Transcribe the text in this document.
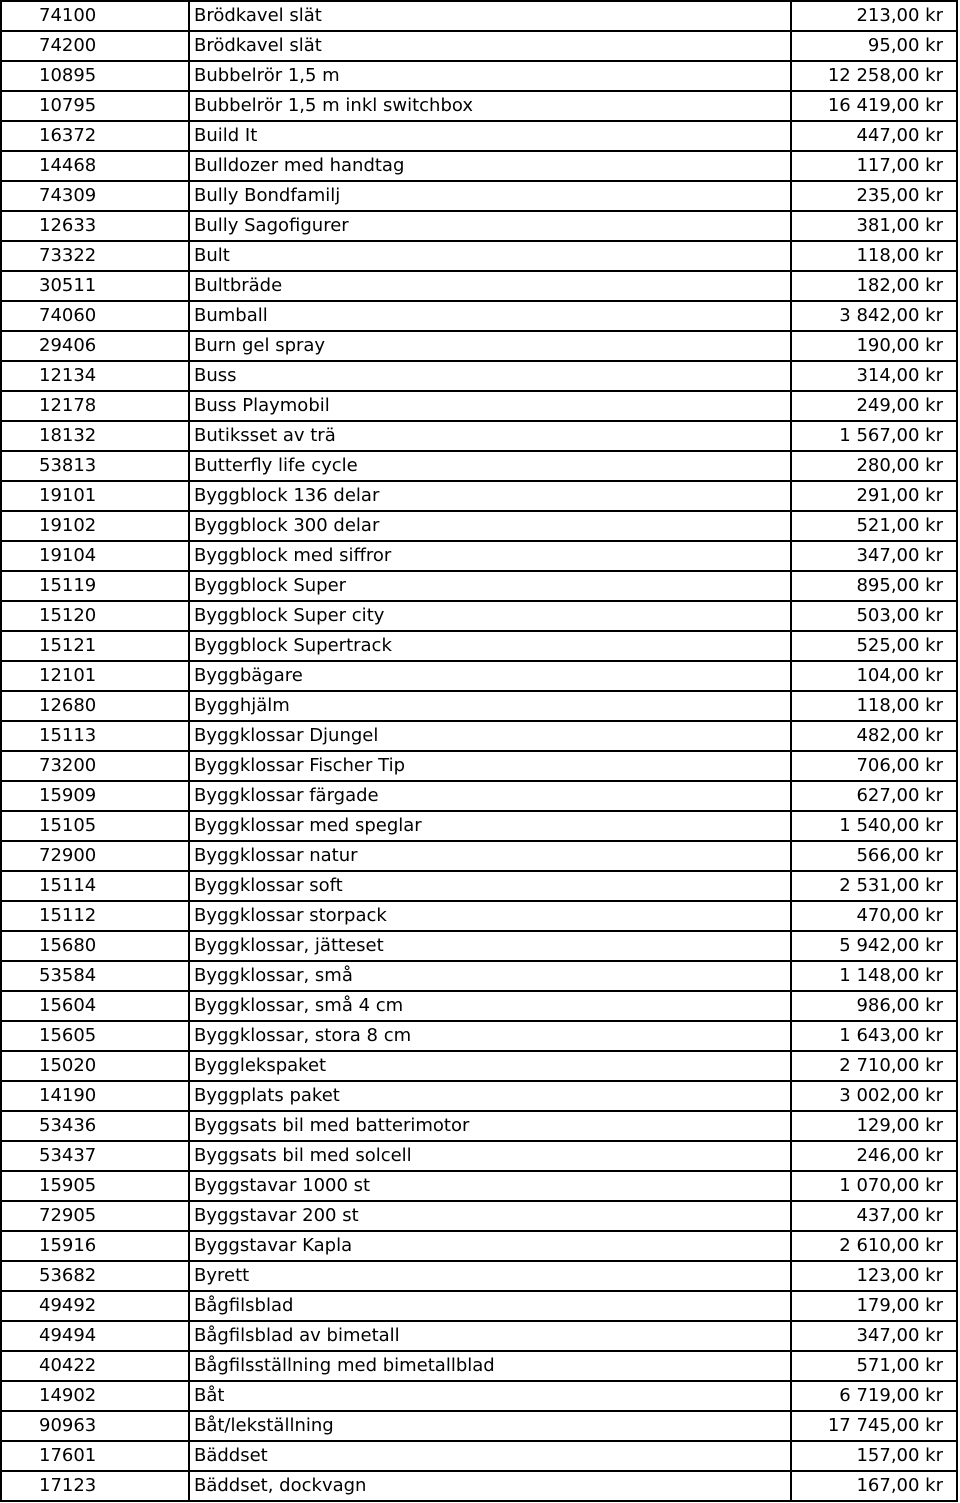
74100	Brödkavel slät	213,00 kr
74200	Brödkavel slät	95,00 kr
10895	Bubbelrör 1,5 m	12 258,00 kr
10795	Bubbelrör 1,5 m inkl switchbox	16 419,00 kr
16372	Build It	447,00 kr
14468	Bulldozer med handtag	117,00 kr
74309	Bully Bondfamilj	235,00 kr
12633	Bully Sagofigurer	381,00 kr
73322	Bult	118,00 kr
30511	Bultbräde	182,00 kr
74060	Bumball	3 842,00 kr
29406	Burn gel spray	190,00 kr
12134	Buss	314,00 kr
12178	Buss Playmobil	249,00 kr
18132	Butiksset av trä	1 567,00 kr
53813	Butterfly life cycle	280,00 kr
19101	Byggblock 136 delar	291,00 kr
19102	Byggblock 300 delar	521,00 kr
19104	Byggblock med siffror	347,00 kr
15119	Byggblock Super	895,00 kr
15120	Byggblock Super city	503,00 kr
15121	Byggblock Supertrack	525,00 kr
12101	Byggbägare	104,00 kr
12680	Bygghjälm	118,00 kr
15113	Byggklossar Djungel	482,00 kr
73200	Byggklossar Fischer Tip	706,00 kr
15909	Byggklossar färgade	627,00 kr
15105	Byggklossar med speglar	1 540,00 kr
72900	Byggklossar natur	566,00 kr
15114	Byggklossar soft	2 531,00 kr
15112	Byggklossar storpack	470,00 kr
15680	Byggklossar, jätteset	5 942,00 kr
53584	Byggklossar, små	1 148,00 kr
15604	Byggklossar, små 4 cm	986,00 kr
15605	Byggklossar, stora 8 cm	1 643,00 kr
15020	Bygglekspaket	2 710,00 kr
14190	Byggplats paket	3 002,00 kr
53436	Byggsats bil med batterimotor	129,00 kr
53437	Byggsats bil med solcell	246,00 kr
15905	Byggstavar 1000 st	1 070,00 kr
72905	Byggstavar 200 st	437,00 kr
15916	Byggstavar Kapla	2 610,00 kr
53682	Byrett	123,00 kr
49492	Bågfilsblad	179,00 kr
49494	Bågfilsblad av bimetall	347,00 kr
40422	Bågfilsställning med bimetallblad	571,00 kr
14902	Båt	6 719,00 kr
90963	Båt/lekställning	17 745,00 kr
17601	Bäddset	157,00 kr
17123	Bäddset, dockvagn	167,00 kr
